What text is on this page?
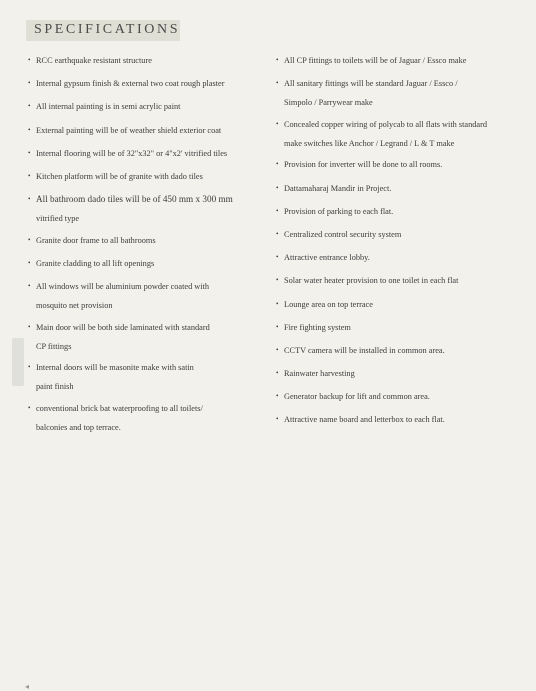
SPECIFICATIONS
• RCC earthquake resistant structure
• Internal gypsum finish & external two coat rough plaster
• All internal painting is in semi acrylic paint
• External painting will be of weather shield exterior coat
• Internal flooring will be of 32"x32" or 4"x2' vitrified tiles
• Kitchen platform will be of granite with dado tiles
• All bathroom dado tiles will be of 450 mm x 300 mm
vitrified type
• Granite door frame to all bathrooms
• Granite cladding to all lift openings
• All windows will be aluminium powder coated with
mosquito net provision
• Main door will be both side laminated with standard
CP fittings
• Internal doors will be masonite make with satin
paint finish
• conventional brick bat waterproofing to all toilets/
balconies and top terrace.
• All CP fittings to toilets will be of Jaguar / Essco make
• All sanitary fittings will be standard Jaguar / Essco /
Simpolo / Parrywear make
• Concealed copper wiring of polycab to all flats with standard
make switches like Anchor / Legrand / L & T make
• Provision for inverter will be done to all rooms.
• Dattamaharaj Mandir in Project.
• Provision of parking to each flat.
• Centralized control security system
• Attractive entrance lobby.
• Solar water heater provision to one toilet in each flat
• Lounge area on top terrace
• Fire fighting system
• CCTV camera will be installed in common area.
• Rainwater harvesting
• Generator backup for lift and common area.
• Attractive name board and letterbox to each flat.
◂
